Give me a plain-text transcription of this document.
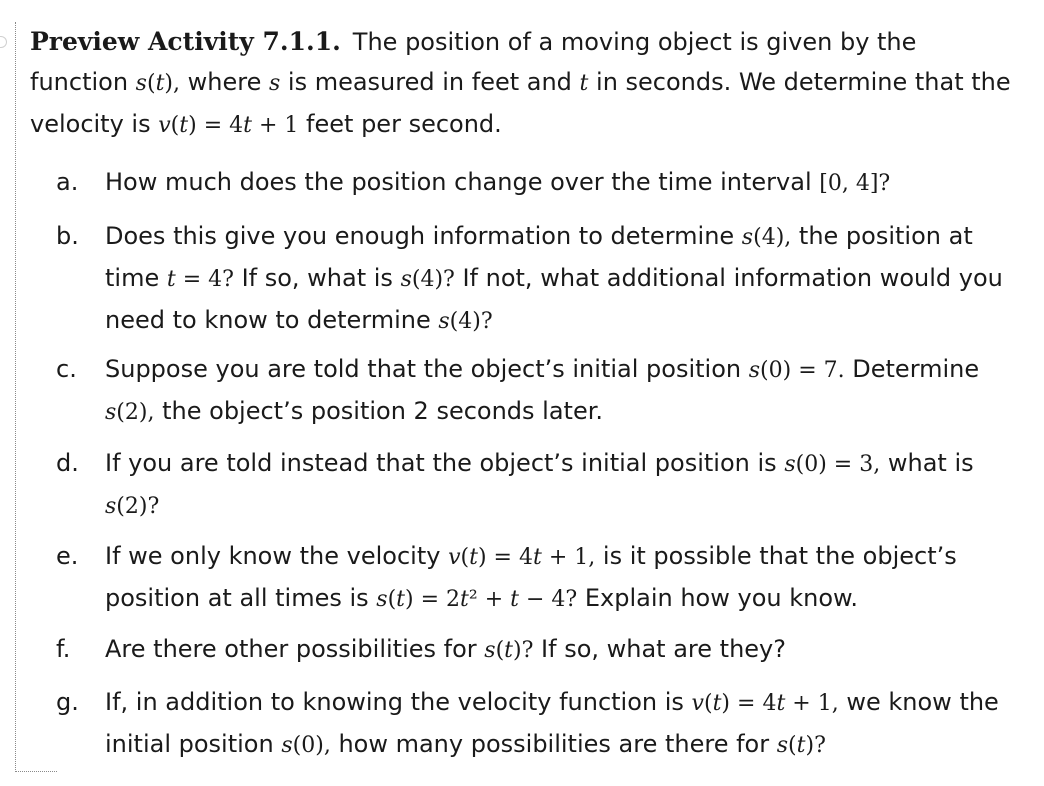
Preview Activity 7.1.1. The position of a moving object is given by the function s(t), where s is measured in feet and t in seconds. We determine that the velocity is v(t) = 4t + 1 feet per second.
a.	How much does the position change over the time interval [0, 4]?
b.	Does this give you enough information to determine s(4), the position at time t = 4? If so, what is s(4)? If not, what additional information would you need to know to determine s(4)?
c.	Suppose you are told that the object’s initial position s(0) = 7. Determine s(2), the object’s position 2 seconds later.
d.	If you are told instead that the object’s initial position is s(0) = 3, what is s(2)?
e.	If we only know the velocity v(t) = 4t + 1, is it possible that the object’s position at all times is s(t) = 2t² + t − 4? Explain how you know.
f.	Are there other possibilities for s(t)? If so, what are they?
g.	If, in addition to knowing the velocity function is v(t) = 4t + 1, we know the initial position s(0), how many possibilities are there for s(t)?
